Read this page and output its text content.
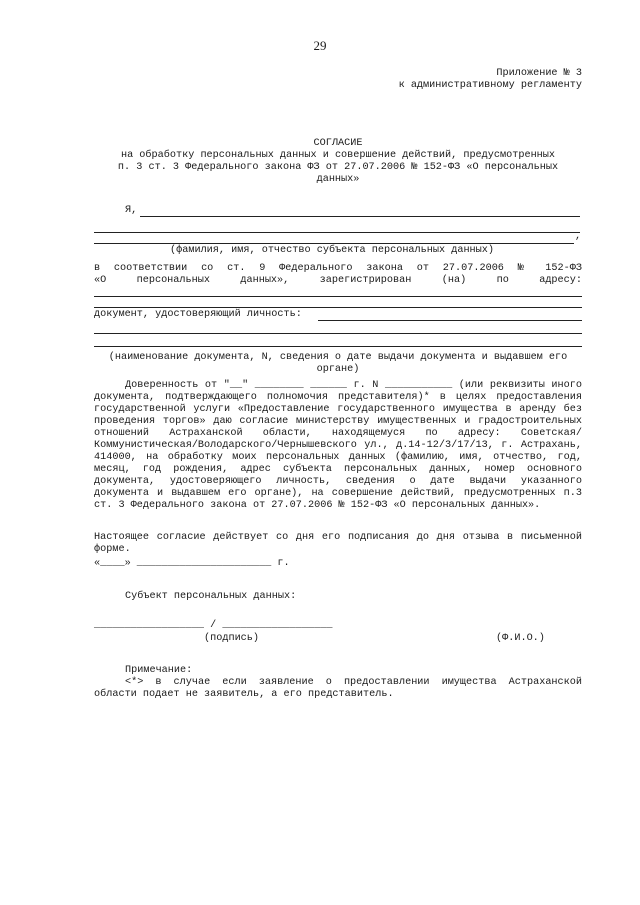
29
Приложение № 3
к административному регламенту
СОГЛАСИЕ
на обработку персональных данных и совершение действий, предусмотренных
п. 3 ст. 3 Федерального закона ФЗ от 27.07.2006 № 152-ФЗ «О персональных
данных»
Я,
,
(фамилия, имя, отчество субъекта персональных данных)
в соответствии со ст. 9 Федерального закона от 27.07.2006 № 152-ФЗ
«О персональных данных», зарегистрирован (на) по адресу:
документ, удостоверяющий личность:
(наименование документа, N, сведения о дате выдачи документа и выдавшем его
органе)
Доверенность от "__" ________ ______ г. N ___________ (или реквизиты иного документа, подтверждающего полномочия представителя)* в целях предоставления государственной услуги «Предоставление государственного имущества в аренду без проведения торгов» даю согласие министерству имущественных и градостроительных отношений Астраханской области, находящемуся по адресу: Советская/Коммунистическая/Володарского/Чернышевского ул., д.14-12/3/17/13, г. Астрахань, 414000, на обработку моих персональных данных (фамилию, имя, отчество, год, месяц, год рождения, адрес субъекта персональных данных, номер основного документа, удостоверяющего личность, сведения о дате выдачи указанного документа и выдавшем его органе), на совершение действий, предусмотренных п.3 ст. 3 Федерального закона от 27.07.2006 № 152-ФЗ «О персональных данных».
Настоящее согласие действует со дня его подписания до дня отзыва в письменной форме.
«____» ______________________ г.
Субъект персональных данных:
__________________ / __________________
(подпись)	(Ф.И.О.)
Примечание:
<*> в случае если заявление о предоставлении имущества Астраханской области подает не заявитель, а его представитель.
